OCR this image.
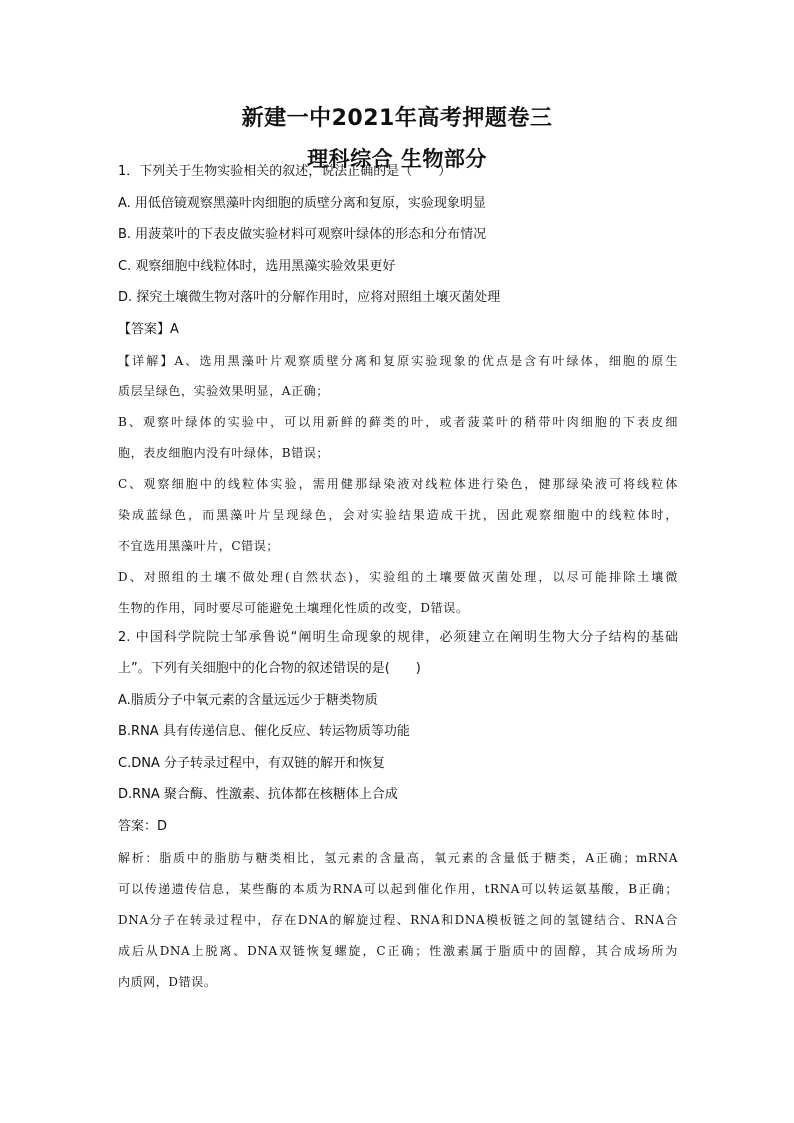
新建一中2021年高考押题卷三
理科综合 生物部分
1．下列关于生物实验相关的叙述，说法正确的是（　　）
A. 用低倍镜观察黑藻叶肉细胞的质壁分离和复原，实验现象明显
B. 用菠菜叶的下表皮做实验材料可观察叶绿体的形态和分布情况
C. 观察细胞中线粒体时，选用黑藻实验效果更好
D. 探究土壤微生物对落叶的分解作用时，应将对照组土壤灭菌处理
【答案】A
【详解】A、选用黑藻叶片观察质壁分离和复原实验现象的优点是含有叶绿体，细胞的原生
质层呈绿色，实验效果明显，A正确；
B、观察叶绿体的实验中，可以用新鲜的藓类的叶，或者菠菜叶的稍带叶肉细胞的下表皮细
胞，表皮细胞内没有叶绿体，B错误；
C、观察细胞中的线粒体实验，需用健那绿染液对线粒体进行染色，健那绿染液可将线粒体
染成蓝绿色，而黑藻叶片呈现绿色，会对实验结果造成干扰，因此观察细胞中的线粒体时，
不宜选用黑藻叶片，C错误；
D、对照组的土壤不做处理(自然状态)，实验组的土壤要做灭菌处理，以尽可能排除土壤微
生物的作用，同时要尽可能避免土壤理化性质的改变，D错误。
2. 中国科学院院士邹承鲁说“阐明生命现象的规律，必须建立在阐明生物大分子结构的基础
上”。下列有关细胞中的化合物的叙述错误的是(　　)
A.脂质分子中氧元素的含量远远少于糖类物质
B.RNA 具有传递信息、催化反应、转运物质等功能
C.DNA 分子转录过程中，有双链的解开和恢复
D.RNA 聚合酶、性激素、抗体都在核糖体上合成
答案：D
解析：脂质中的脂肪与糖类相比，氢元素的含量高，氧元素的含量低于糖类，A正确；mRNA
可以传递遗传信息，某些酶的本质为RNA可以起到催化作用，tRNA可以转运氨基酸，B正确；
DNA分子在转录过程中，存在DNA的解旋过程、RNA和DNA模板链之间的氢键结合、RNA合
成后从DNA上脱离、DNA双链恢复螺旋，C正确；性激素属于脂质中的固醇，其合成场所为
内质网，D错误。
